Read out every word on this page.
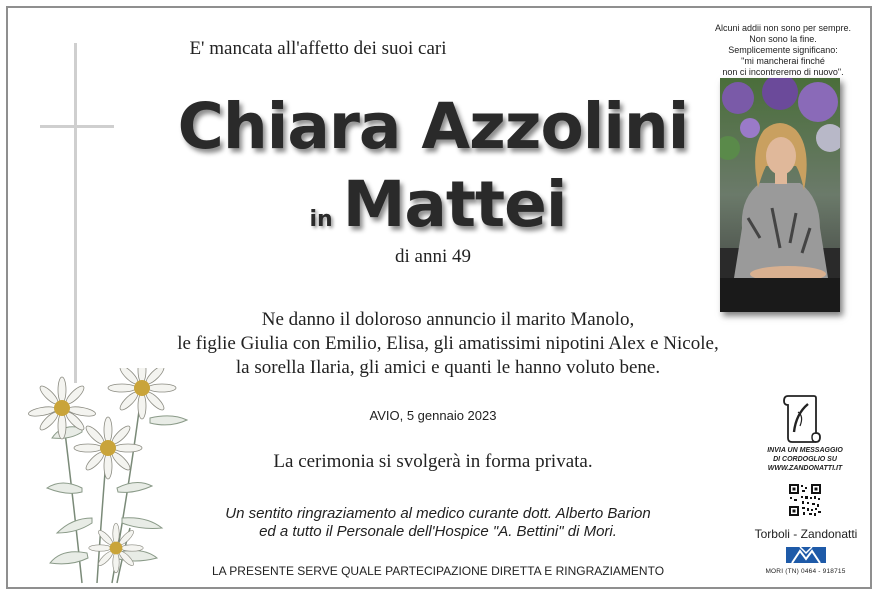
E' mancata all'affetto dei suoi cari
Chiara Azzolini
in Mattei
di anni 49
Alcuni addii non sono per sempre.
Non sono la fine.
Semplicemente significano:
"mi mancherai finché
non ci incontreremo di nuovo".
Ne danno il doloroso annuncio il marito Manolo,
le figlie Giulia con Emilio, Elisa, gli amatissimi nipotini Alex e Nicole,
la sorella Ilaria, gli amici e quanti le hanno voluto bene.
AVIO, 5 gennaio 2023
La cerimonia si svolgerà in forma privata.
Un sentito ringraziamento al medico curante dott. Alberto Barion
ed a tutto il Personale dell'Hospice "A. Bettini" di Mori.
LA PRESENTE SERVE QUALE PARTECIPAZIONE DIRETTA E RINGRAZIAMENTO
INVIA UN MESSAGGIO
DI CORDOGLIO SU
WWW.ZANDONATTI.IT
Torboli - Zandonatti
MORI (TN) 0464 - 918715
